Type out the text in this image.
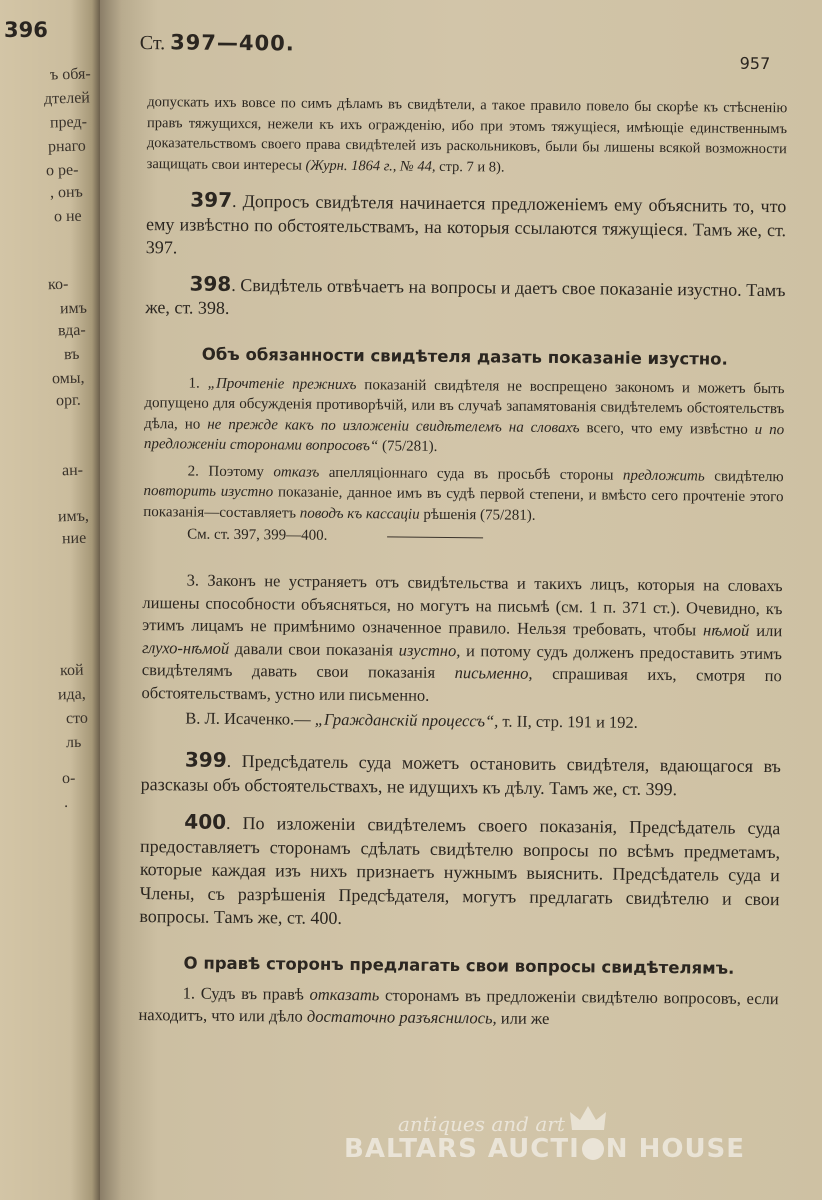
396
ъ обя-
дтелей
пред-
рнаго
о ре-
, онъ
о не
ко-
имъ
вда-
въ
омы,
орг.
ан-
имъ,
ние
кой
ида,
сто
ль
о-
.
Ст. 397—400.
957

допускать ихъ вовсе по симъ дѣламъ въ свидѣтели, а такое правило повело бы скорѣе къ стѣсненію правъ тяжущихся, нежели къ ихъ огражденію, ибо при этомъ тяжущіеся, имѣющіе единственнымъ доказательствомъ своего права свидѣтелей изъ раскольниковъ, были бы лишены всякой возможности защищать свои интересы (Журн. 1864 г., № 44, стр. 7 и 8).

397. Допросъ свидѣтеля начинается предложеніемъ ему объяснить то, что ему извѣстно по обстоятельствамъ, на которыя ссылаются тяжущіеся. Тамъ же, ст. 397.

398. Свидѣтель отвѣчаетъ на вопросы и даетъ свое показаніе изустно. Тамъ же, ст. 398.

Объ обязанности свидѣтеля дазать показаніе изустно.

1. „Прочтеніе прежнихъ показаній свидѣтеля не воспрещено закономъ и можетъ быть допущено для обсужденія противорѣчій, или въ случаѣ запамятованія свидѣтелемъ обстоятельствъ дѣла, но не прежде какъ по изложеніи свидѣтелемъ на словахъ всего, что ему извѣстно и по предложеніи сторонами вопросовъ“ (75/281).

2. Поэтому отказъ апелляціоннаго суда въ просьбѣ стороны предложить свидѣтелю повторить изустно показаніе, данное имъ въ судѣ первой степени, и вмѣсто сего прочтеніе этого показанія—составляетъ поводъ къ кассаціи рѣшенія (75/281).

См. ст. 397, 399—400.

3. Законъ не устраняетъ отъ свидѣтельства и такихъ лицъ, которыя на словахъ лишены способности объясняться, но могутъ на письмѣ (см. 1 п. 371 ст.). Очевидно, къ этимъ лицамъ не примѣнимо означенное правило. Нельзя требовать, чтобы нѣмой или глухо-нѣмой давали свои показанія изустно, и потому судъ долженъ предоставить этимъ свидѣтелямъ давать свои показанія письменно, спрашивая ихъ, смотря по обстоятельствамъ, устно или письменно.

В. Л. Исаченко.— „Гражданскій процессъ“, т. II, стр. 191 и 192.

399. Предсѣдатель суда можетъ остановить свидѣтеля, вдающагося въ разсказы объ обстоятельствахъ, не идущихъ къ дѣлу. Тамъ же, ст. 399.

400. По изложеніи свидѣтелемъ своего показанія, Предсѣдатель суда предоставляетъ сторонамъ сдѣлать свидѣтелю вопросы по всѣмъ предметамъ, которые каждая изъ нихъ признаетъ нужнымъ выяснить. Предсѣдатель суда и Члены, съ разрѣшенія Предсѣдателя, могутъ предлагать свидѣтелю и свои вопросы. Тамъ же, ст. 400.

О правѣ сторонъ предлагать свои вопросы свидѣтелямъ.

1. Судъ въ правѣ отказать сторонамъ въ предложеніи свидѣтелю вопросовъ, если находитъ, что или дѣло достаточно разъяснилось, или же

antiques and art
BALTARS AUCTI N HOUSE
